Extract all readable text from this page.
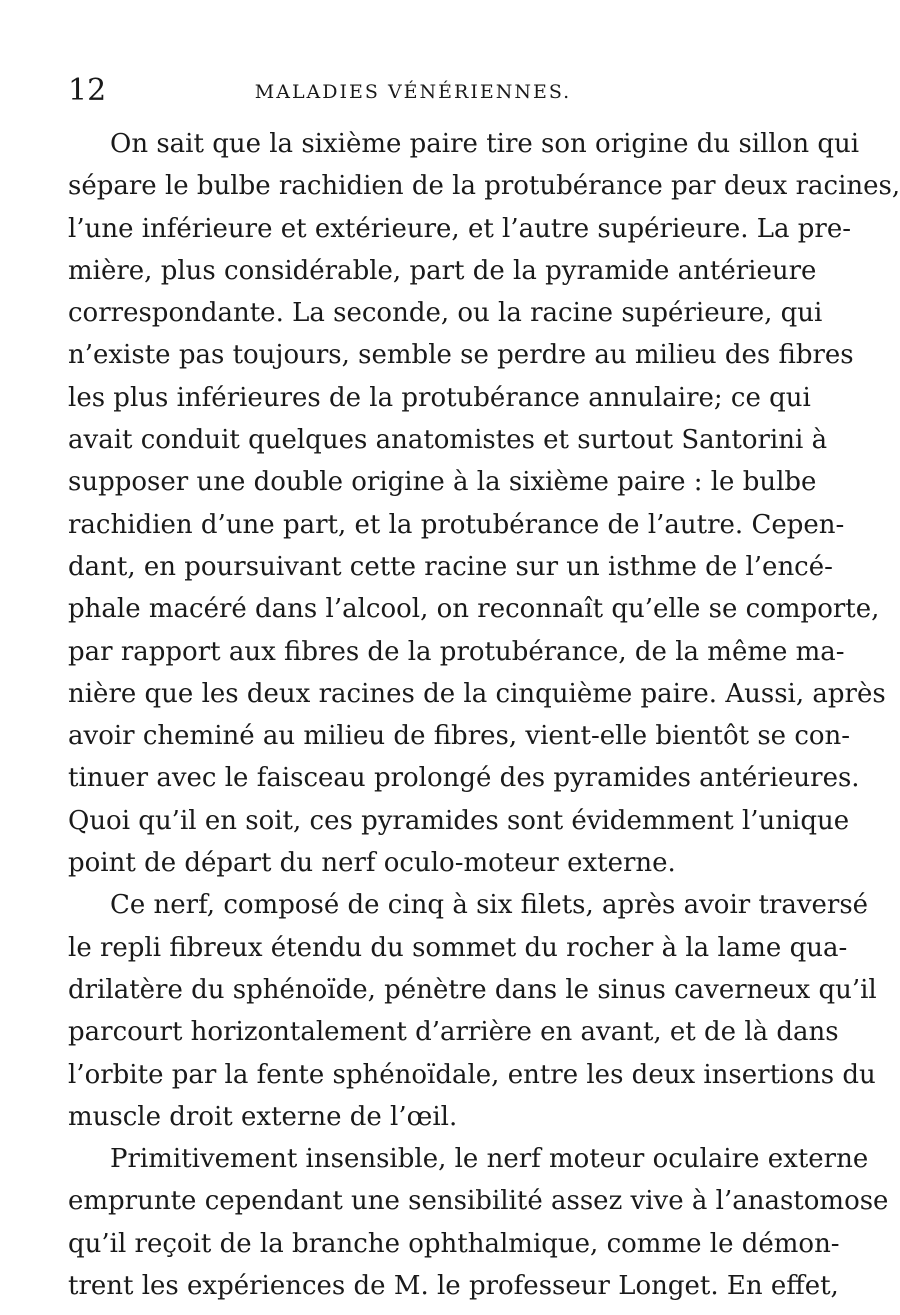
12	MALADIES VÉNÉRIENNES.
On sait que la sixième paire tire son origine du sillon qui
sépare le bulbe rachidien de la protubérance par deux racines,
l’une inférieure et extérieure, et l’autre supérieure. La pre-
mière, plus considérable, part de la pyramide antérieure
correspondante. La seconde, ou la racine supérieure, qui
n’existe pas toujours, semble se perdre au milieu des fibres
les plus inférieures de la protubérance annulaire; ce qui
avait conduit quelques anatomistes et surtout Santorini à
supposer une double origine à la sixième paire : le bulbe
rachidien d’une part, et la protubérance de l’autre. Cepen-
dant, en poursuivant cette racine sur un isthme de l’encé-
phale macéré dans l’alcool, on reconnaît qu’elle se comporte,
par rapport aux fibres de la protubérance, de la même ma-
nière que les deux racines de la cinquième paire. Aussi, après
avoir cheminé au milieu de fibres, vient-elle bientôt se con-
tinuer avec le faisceau prolongé des pyramides antérieures.
Quoi qu’il en soit, ces pyramides sont évidemment l’unique
point de départ du nerf oculo-moteur externe.
Ce nerf, composé de cinq à six filets, après avoir traversé
le repli fibreux étendu du sommet du rocher à la lame qua-
drilatère du sphénoïde, pénètre dans le sinus caverneux qu’il
parcourt horizontalement d’arrière en avant, et de là dans
l’orbite par la fente sphénoïdale, entre les deux insertions du
muscle droit externe de l’œil.
Primitivement insensible, le nerf moteur oculaire externe
emprunte cependant une sensibilité assez vive à l’anastomose
qu’il reçoit de la branche ophthalmique, comme le démon-
trent les expériences de M. le professeur Longet. En effet,
